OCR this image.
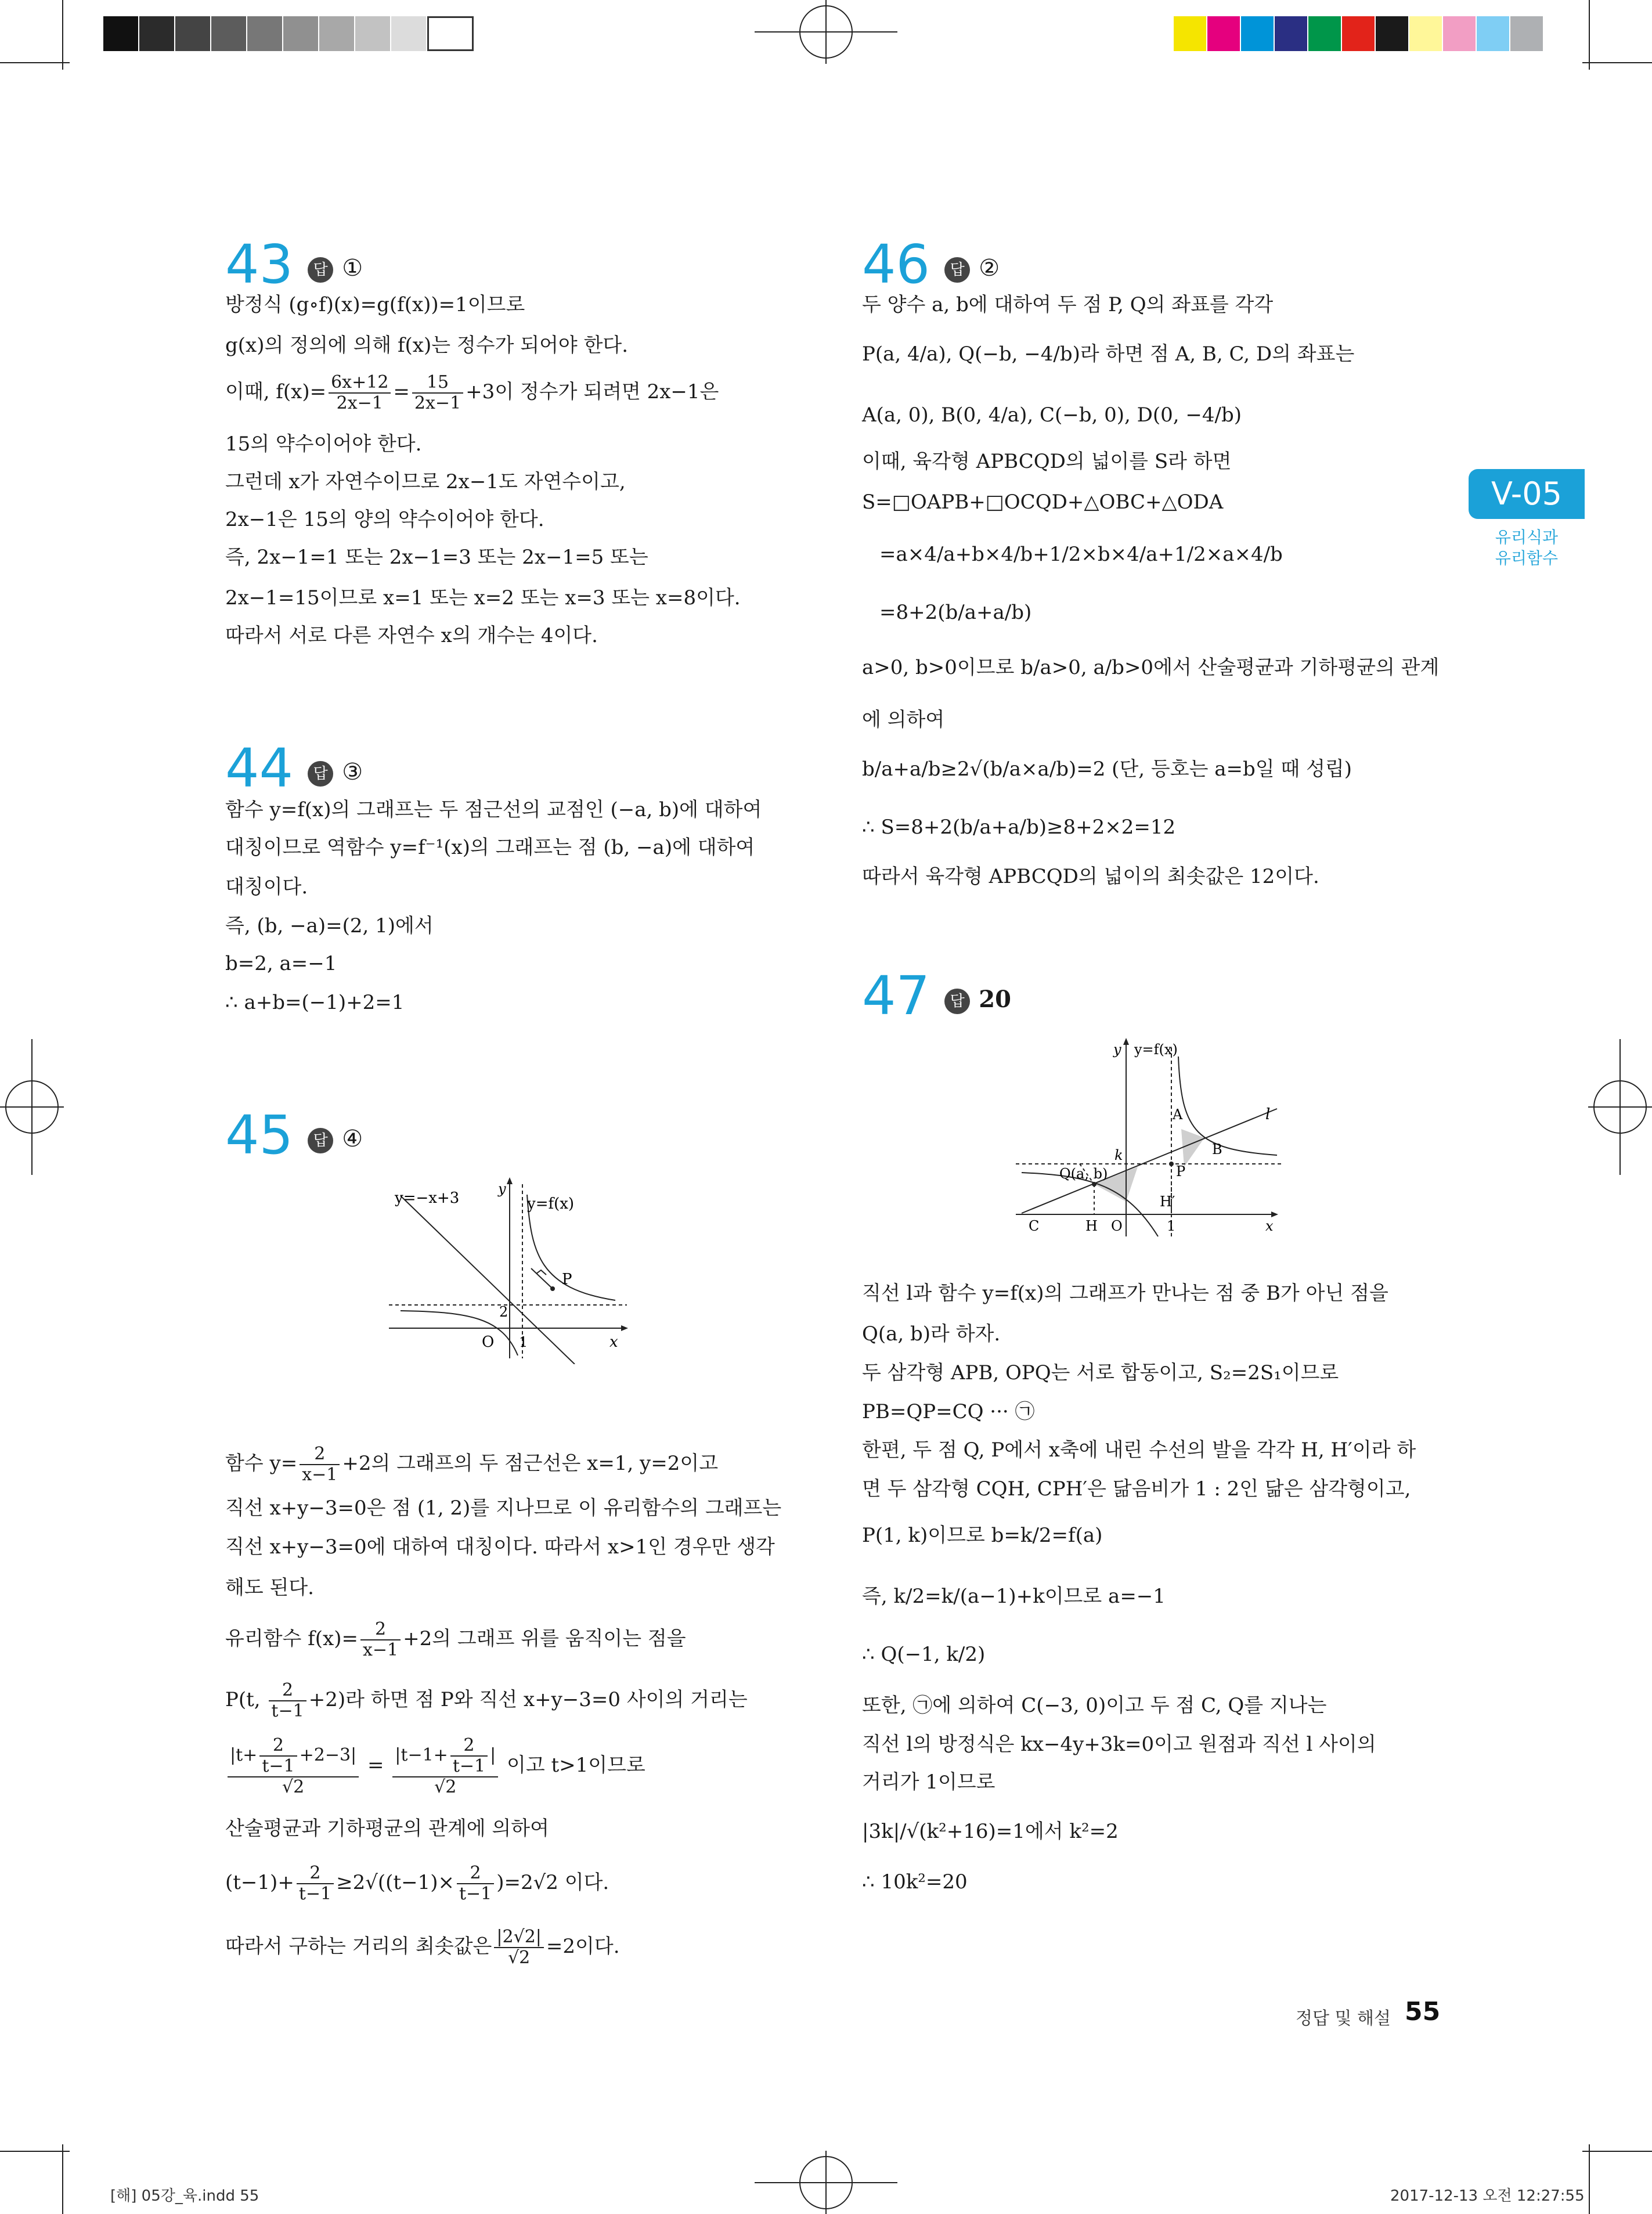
V-05
유리식과
유리함수
43 답 ①
방정식 (g∘f)(x)=g(f(x))=1이므로
g(x)의 정의에 의해 f(x)는 정수가 되어야 한다.
이때, $f(x)= \frac{6x+12}{2x-1} = \frac{15}{2x-1} +3$이 정수가 되려면 2x−1은
15의 약수이어야 한다.
그런데 x가 자연수이므로 2x−1도 자연수이고,
2x−1은 15의 양의 약수이어야 한다.
즉, 2x−1=1 또는 2x−1=3 또는 2x−1=5 또는
2x−1=15이므로 x=1 또는 x=2 또는 x=3 또는 x=8이다.
따라서 서로 다른 자연수 x의 개수는 4이다.
44 답 ③
함수 y=f(x)의 그래프는 두 점근선의 교점인 (−a, b)에 대하여
대칭이므로 역함수 y=f⁻¹(x)의 그래프는 점 (b, −a)에 대하여
대칭이다.
즉, (b, −a)=(2, 1)에서
b=2, a=−1
∴ a+b=(−1)+2=1
45 답 ④
y=−x+3
y
y=f(x)
P
2
O 1	x
함수 $y= \frac{2}{x-1} +2$의 그래프의 두 점근선은 x=1, y=2이고
직선 x+y−3=0은 점 (1, 2)를 지나므로 이 유리함수의 그래프는
직선 x+y−3=0에 대하여 대칭이다. 따라서 x>1인 경우만 생각
해도 된다.
유리함수 $f(x)= \frac{2}{x-1} +2$의 그래프 위를 움직이는 점을
P(t, $\frac{2}{t-1} +2$)라 하면 점 P와 직선 x+y−3=0 사이의 거리는
$\frac{|t+ \frac{2}{t-1} +2-3|}{√2} = \frac{|t-1+ \frac{2}{t-1} |}{√2}$ 이고 t>1이므로
산술평균과 기하평균의 관계에 의하여
$(t-1)+ \frac{2}{t-1} \ge 2√((t-1)\times \frac{2}{t-1} )=2√2$ 이다.
따라서 구하는 거리의 최솟값은 $\frac{|2√2|}{√2} =2$이다.
46 답 ②
두 양수 a, b에 대하여 두 점 P, Q의 좌표를 각각
P(a, 4/a), Q(−b, −4/b)라 하면 점 A, B, C, D의 좌표는
A(a, 0), B(0, 4/a), C(−b, 0), D(0, −4/b)
이때, 육각형 APBCQD의 넓이를 S라 하면
S=□OAPB+□OCQD+△OBC+△ODA
=a×4/a+b×4/b+1/2×b×4/a+1/2×a×4/b
=8+2(b/a+a/b)
a>0, b>0이므로 b/a>0, a/b>0에서 산술평균과 기하평균의 관계
에 의하여
b/a+a/b≥2√(b/a×a/b)=2 (단, 등호는 a=b일 때 성립)
∴ S=8+2(b/a+a/b)≥8+2×2=12
따라서 육각형 APBCQD의 넓이의 최솟값은 12이다.
47 답 20
y y=f(x)
l
A
B
k
Q(a, b)	P
H′
C	H O	1	x
직선 l과 함수 y=f(x)의 그래프가 만나는 점 중 B가 아닌 점을
Q(a, b)라 하자.
두 삼각형 APB, OPQ는 서로 합동이고, S₂=2S₁이므로
PB=QP=CQ ··· ㉠
한편, 두 점 Q, P에서 x축에 내린 수선의 발을 각각 H, H′이라 하
면 두 삼각형 CQH, CPH′은 닮음비가 1 : 2인 닮은 삼각형이고,
P(1, k)이므로 b=k/2=f(a)
즉, k/2=k/(a−1)+k이므로 a=−1
∴ Q(−1, k/2)
또한, ㉠에 의하여 C(−3, 0)이고 두 점 C, Q를 지나는
직선 l의 방정식은 kx−4y+3k=0이고 원점과 직선 l 사이의
거리가 1이므로
|3k|/√(k²+16)=1에서 k²=2
∴ 10k²=20
정답 및 해설 55
[해] 05강_육.indd 55	2017-12-13 오전 12:27:55
